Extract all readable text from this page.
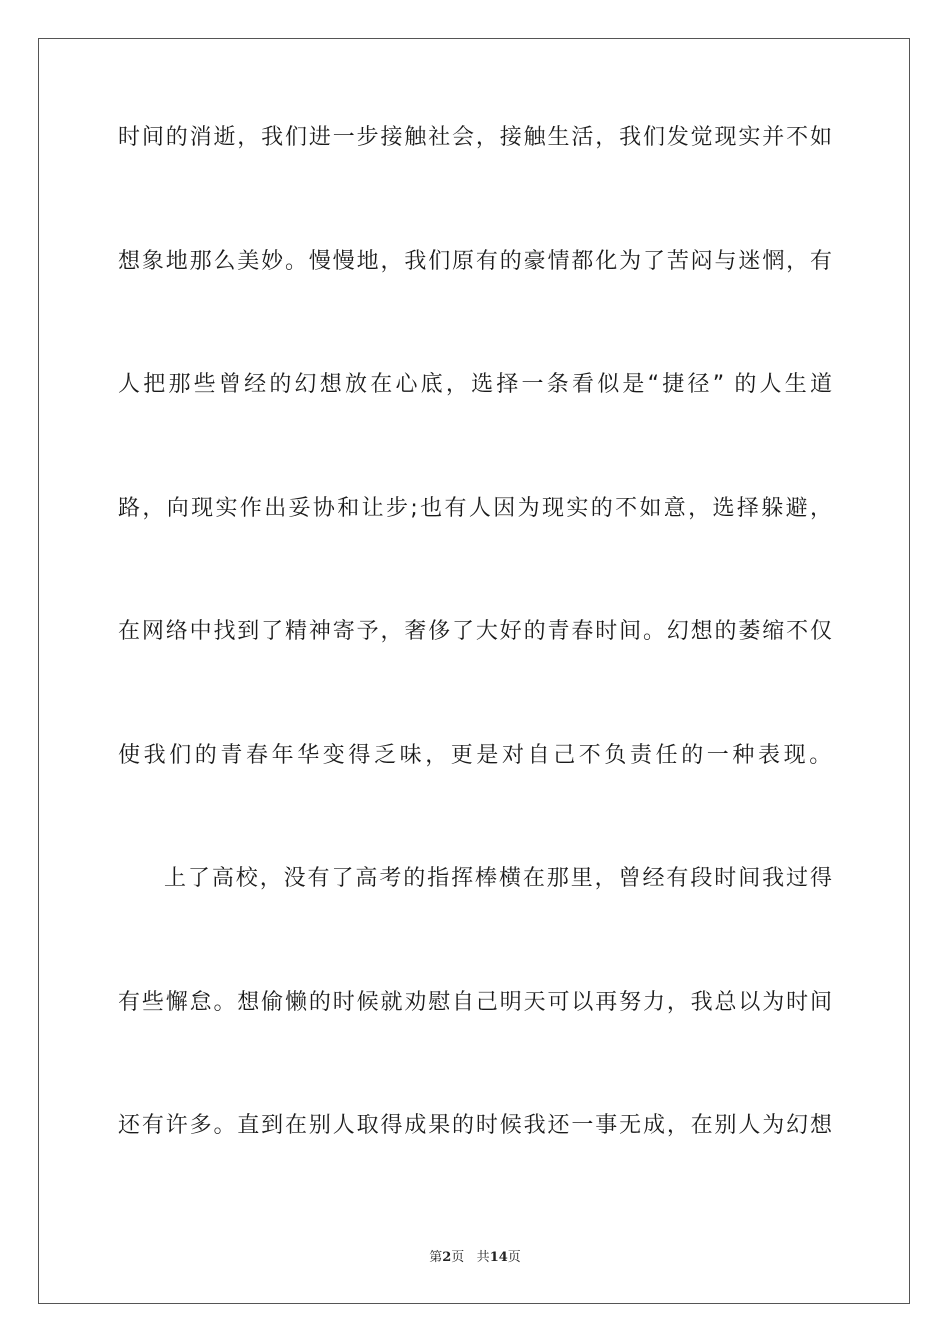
时间的消逝，我们进一步接触社会，接触生活，我们发觉现实并不如
想象地那么美妙。慢慢地，我们原有的豪情都化为了苦闷与迷惘，有
人把那些曾经的幻想放在心底，选择一条看似是“捷径” 的人生道
路，向现实作出妥协和让步;也有人因为现实的不如意，选择躲避，
在网络中找到了精神寄予，奢侈了大好的青春时间。幻想的萎缩不仅
使我们的青春年华变得乏味，更是对自己不负责任的一种表现。
上了高校，没有了高考的指挥棒横在那里，曾经有段时间我过得
有些懈怠。想偷懒的时候就劝慰自己明天可以再努力，我总以为时间
还有许多。直到在别人取得成果的时候我还一事无成，在别人为幻想
第2页 共14页
